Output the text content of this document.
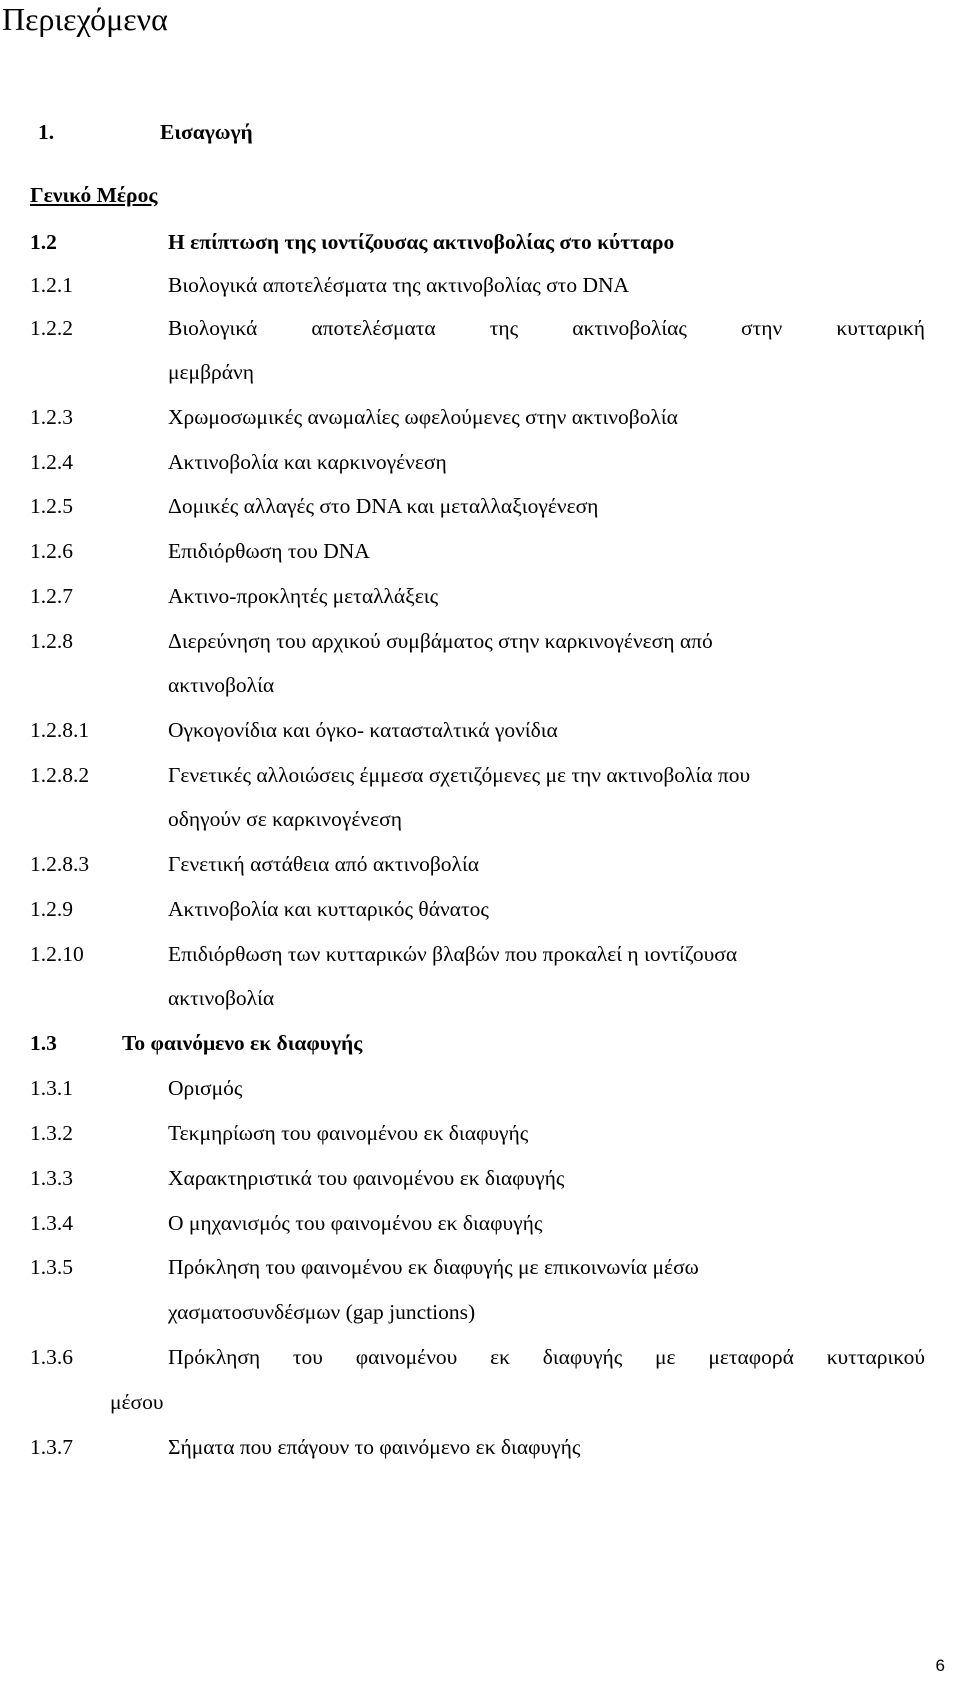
Περιεχόμενα
1.	Εισαγωγή
Γενικό Μέρος
1.2	Η επίπτωση της ιοντίζουσας ακτινοβολίας στο κύτταρο
1.2.1	Βιολογικά αποτελέσματα της ακτινοβολίας στο DNA
1.2.2	Βιολογικά αποτελέσματα της ακτινοβολίας στην κυτταρική
μεμβράνη
1.2.3	Χρωμοσωμικές ανωμαλίες ωφελούμενες στην ακτινοβολία
1.2.4	Ακτινοβολία και καρκινογένεση
1.2.5	Δομικές αλλαγές στο DNA και μεταλλαξιογένεση
1.2.6	Επιδιόρθωση του DNA
1.2.7	Ακτινο-προκλητές μεταλλάξεις
1.2.8	Διερεύνηση του αρχικού συμβάματος στην καρκινογένεση από
ακτινοβολία
1.2.8.1	Ογκογονίδια και όγκο- κατασταλτικά γονίδια
1.2.8.2	Γενετικές αλλοιώσεις έμμεσα σχετιζόμενες με την ακτινοβολία που
οδηγούν σε καρκινογένεση
1.2.8.3	Γενετική αστάθεια από ακτινοβολία
1.2.9	Ακτινοβολία και κυτταρικός θάνατος
1.2.10	Επιδιόρθωση των κυτταρικών βλαβών που προκαλεί η ιοντίζουσα
ακτινοβολία
1.3	Το φαινόμενο εκ διαφυγής
1.3.1	Ορισμός
1.3.2	Τεκμηρίωση του φαινομένου εκ διαφυγής
1.3.3	Χαρακτηριστικά του φαινομένου εκ διαφυγής
1.3.4	Ο μηχανισμός του φαινομένου εκ διαφυγής
1.3.5	Πρόκληση του φαινομένου εκ διαφυγής με επικοινωνία μέσω
χασματοσυνδέσμων (gap junctions)
1.3.6	Πρόκληση του φαινομένου εκ διαφυγής με μεταφορά κυτταρικού
μέσου
1.3.7	Σήματα που επάγουν το φαινόμενο εκ διαφυγής
6
